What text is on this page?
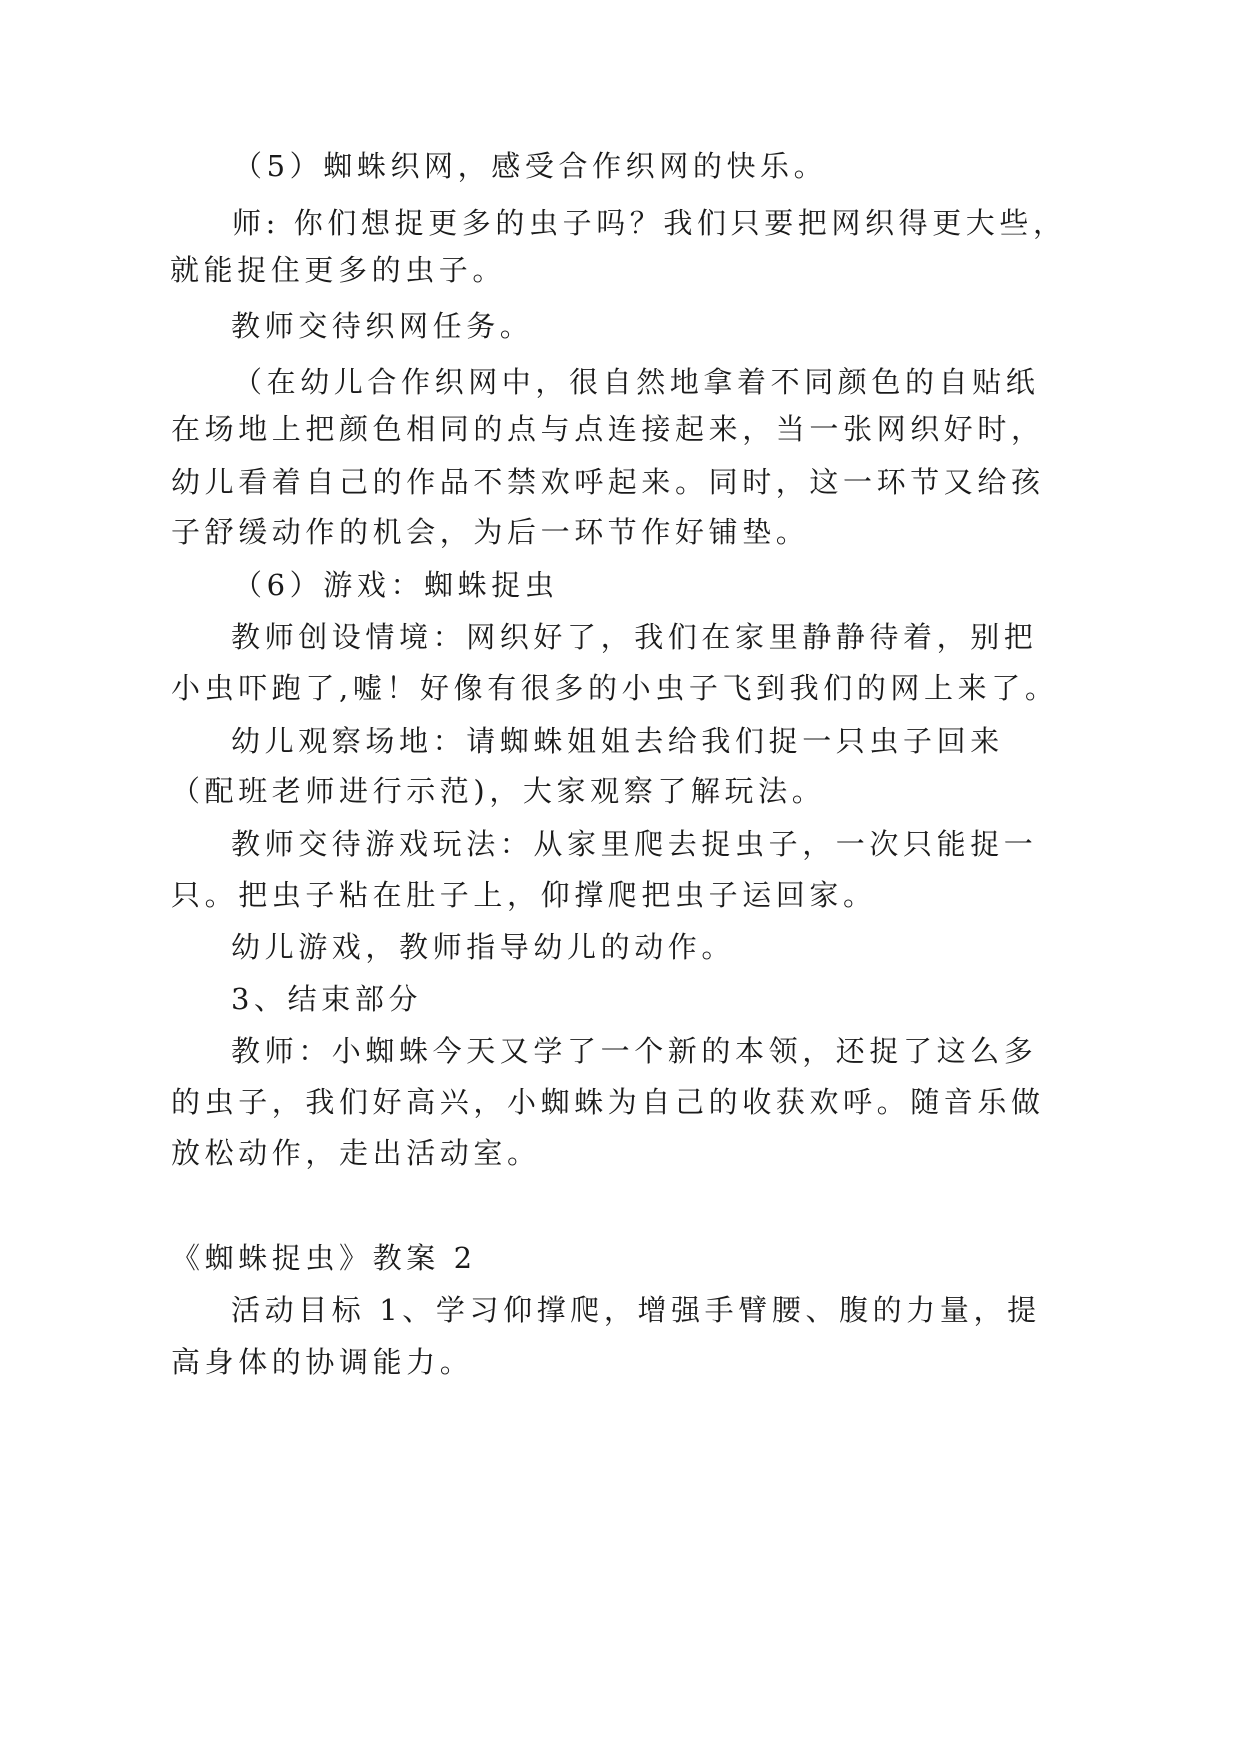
（5）蜘蛛织网，感受合作织网的快乐。
师: 你们想捉更多的虫子吗？我们只要把网织得更大些，
就能捉住更多的虫子。
教师交待织网任务。
（在幼儿合作织网中，很自然地拿着不同颜色的自贴纸
在场地上把颜色相同的点与点连接起来，当一张网织好时，
幼儿看着自己的作品不禁欢呼起来。同时，这一环节又给孩
子舒缓动作的机会，为后一环节作好铺垫。
（6）游戏：蜘蛛捉虫
教师创设情境：网织好了，我们在家里静静待着，别把
小虫吓跑了,嘘！好像有很多的小虫子飞到我们的网上来了。
幼儿观察场地：请蜘蛛姐姐去给我们捉一只虫子回来
（配班老师进行示范)，大家观察了解玩法。
教师交待游戏玩法：从家里爬去捉虫子，一次只能捉一
只。把虫子粘在肚子上，仰撑爬把虫子运回家。
幼儿游戏，教师指导幼儿的动作。
3、结束部分
教师：小蜘蛛今天又学了一个新的本领，还捉了这么多
的虫子，我们好高兴，小蜘蛛为自己的收获欢呼。随音乐做
放松动作，走出活动室。
《蜘蛛捉虫》教案 2
活动目标 1、学习仰撑爬，增强手臂腰、腹的力量，提
高身体的协调能力。
